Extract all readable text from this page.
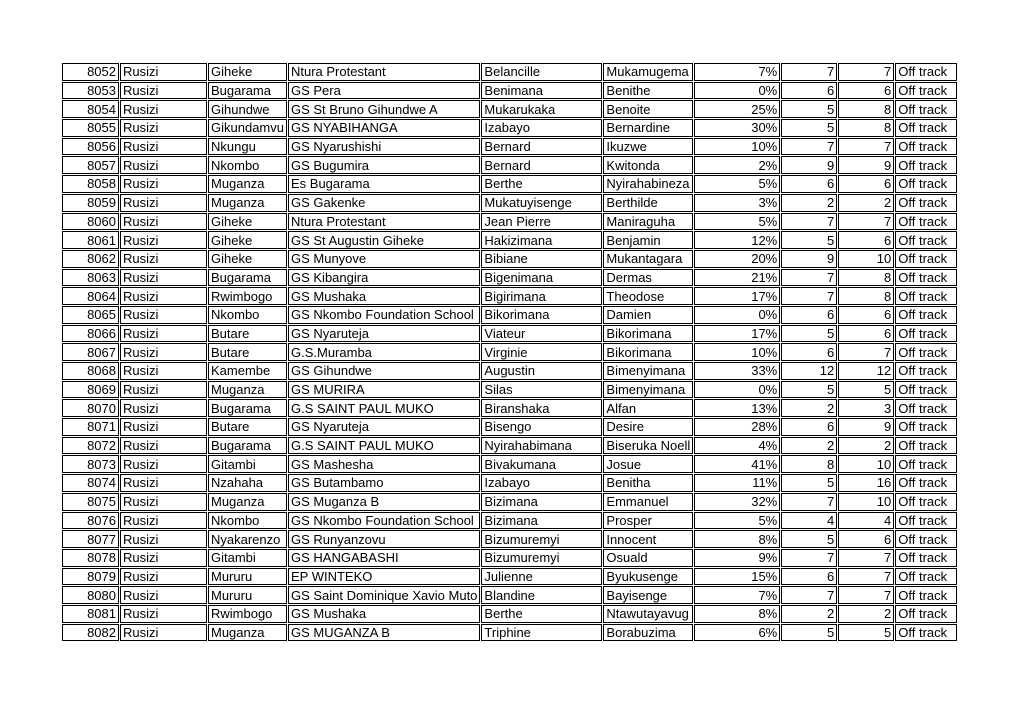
8052	Rusizi	Giheke	Ntura Protestant	Belancille	Mukamugema	7%	7	7	Off track
8053	Rusizi	Bugarama	GS Pera	Benimana	Benithe	0%	6	6	Off track
8054	Rusizi	Gihundwe	GS St Bruno Gihundwe A	Mukarukaka	Benoite	25%	5	8	Off track
8055	Rusizi	Gikundamvu	GS NYABIHANGA	Izabayo	Bernardine	30%	5	8	Off track
8056	Rusizi	Nkungu	GS Nyarushishi	Bernard	Ikuzwe	10%	7	7	Off track
8057	Rusizi	Nkombo	GS Bugumira	Bernard	Kwitonda	2%	9	9	Off track
8058	Rusizi	Muganza	Es Bugarama	Berthe	Nyirahabineza	5%	6	6	Off track
8059	Rusizi	Muganza	GS Gakenke	Mukatuyisenge	Berthilde	3%	2	2	Off track
8060	Rusizi	Giheke	Ntura Protestant	Jean Pierre	Maniraguha	5%	7	7	Off track
8061	Rusizi	Giheke	GS St Augustin Giheke	Hakizimana	Benjamin	12%	5	6	Off track
8062	Rusizi	Giheke	GS Munyove	Bibiane	Mukantagara	20%	9	10	Off track
8063	Rusizi	Bugarama	GS Kibangira	Bigenimana	Dermas	21%	7	8	Off track
8064	Rusizi	Rwimbogo	GS Mushaka	Bigirimana	Theodose	17%	7	8	Off track
8065	Rusizi	Nkombo	GS Nkombo Foundation School	Bikorimana	Damien	0%	6	6	Off track
8066	Rusizi	Butare	GS Nyaruteja	Viateur	Bikorimana	17%	5	6	Off track
8067	Rusizi	Butare	G.S.Muramba	Virginie	Bikorimana	10%	6	7	Off track
8068	Rusizi	Kamembe	GS Gihundwe	Augustin	Bimenyimana	33%	12	12	Off track
8069	Rusizi	Muganza	GS MURIRA	Silas	Bimenyimana	0%	5	5	Off track
8070	Rusizi	Bugarama	G.S SAINT PAUL MUKO	Biranshaka	Alfan	13%	2	3	Off track
8071	Rusizi	Butare	GS Nyaruteja	Bisengo	Desire	28%	6	9	Off track
8072	Rusizi	Bugarama	G.S SAINT PAUL MUKO	Nyirahabimana	Biseruka Noell	4%	2	2	Off track
8073	Rusizi	Gitambi	GS Mashesha	Bivakumana	Josue	41%	8	10	Off track
8074	Rusizi	Nzahaha	GS Butambamo	Izabayo	Benitha	11%	5	16	Off track
8075	Rusizi	Muganza	GS Muganza B	Bizimana	Emmanuel	32%	7	10	Off track
8076	Rusizi	Nkombo	GS Nkombo Foundation School	Bizimana	Prosper	5%	4	4	Off track
8077	Rusizi	Nyakarenzo	GS Runyanzovu	Bizumuremyi	Innocent	8%	5	6	Off track
8078	Rusizi	Gitambi	GS HANGABASHI	Bizumuremyi	Osuald	9%	7	7	Off track
8079	Rusizi	Mururu	EP WINTEKO	Julienne	Byukusenge	15%	6	7	Off track
8080	Rusizi	Mururu	GS Saint Dominique Xavio Muto	Blandine	Bayisenge	7%	7	7	Off track
8081	Rusizi	Rwimbogo	GS Mushaka	Berthe	Ntawutayavug	8%	2	2	Off track
8082	Rusizi	Muganza	GS MUGANZA B	Triphine	Borabuzima	6%	5	5	Off track
